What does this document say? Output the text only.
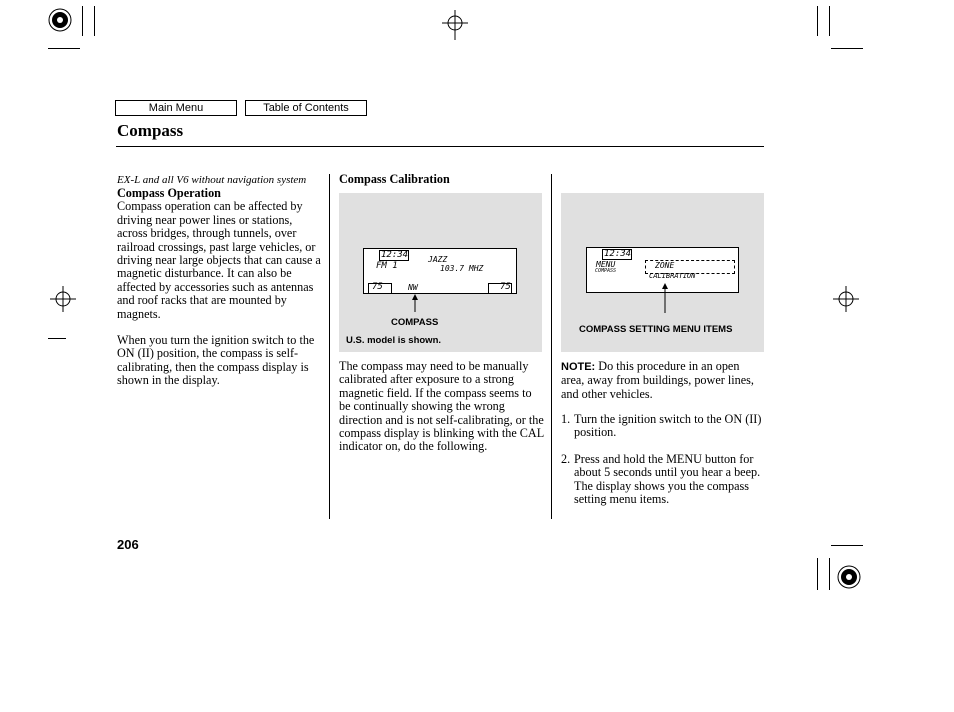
Main Menu	Table of Contents
Compass
EX-L and all V6 without navigation system
Compass Operation
Compass operation can be affected by driving near power lines or stations, across bridges, through tunnels, over railroad crossings, past large vehicles, or driving near large objects that can cause a magnetic disturbance. It can also be affected by accessories such as antennas and roof racks that are mounted by magnets.
When you turn the ignition switch to the ON (II) position, the compass is self-calibrating, then the compass display is shown in the display.
Compass Calibration
12:34
FM 1
JAZZ
103.7 MHZ
75	NW	75
COMPASS
U.S. model is shown.
The compass may need to be manually calibrated after exposure to a strong magnetic field. If the compass seems to be continually showing the wrong direction and is not self-calibrating, or the compass display is blinking with the CAL indicator on, do the following.
12:34
MENU
COMPASS
ZONE
CALIBRATION
COMPASS SETTING MENU ITEMS
NOTE: Do this procedure in an open area, away from buildings, power lines, and other vehicles.
1. Turn the ignition switch to the ON (II) position.
2. Press and hold the MENU button for about 5 seconds until you hear a beep. The display shows you the compass setting menu items.
206
